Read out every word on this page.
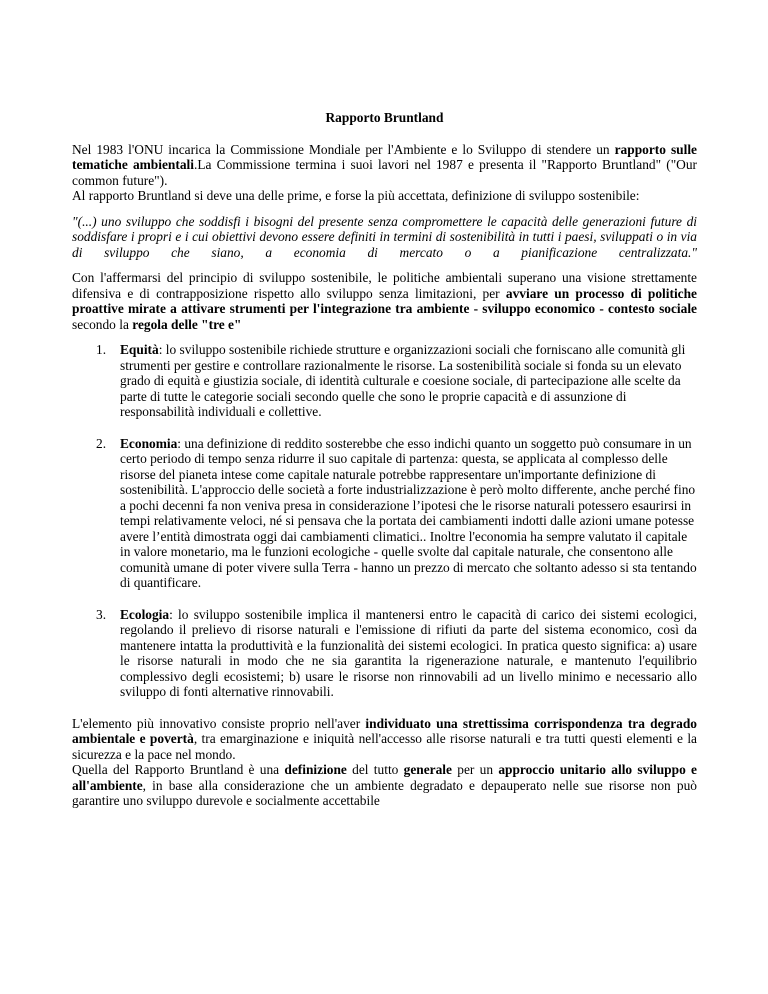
Rapporto Bruntland

Nel 1983 l'ONU incarica la Commissione Mondiale per l'Ambiente e lo Sviluppo di stendere un rapporto sulle tematiche ambientali.La Commissione termina i suoi lavori nel 1987 e presenta il "Rapporto Bruntland" ("Our common future").

Al rapporto Bruntland si deve una delle prime, e forse la più accettata, definizione di sviluppo sostenibile:

"(...) uno sviluppo che soddisfi i bisogni del presente senza compromettere le capacità delle generazioni future di soddisfare i propri e i cui obiettivi devono essere definiti in termini di sostenibilità in tutti i paesi, sviluppati o in via di sviluppo che siano, a economia di mercato o a pianificazione centralizzata."

Con l'affermarsi del principio di sviluppo sostenibile, le politiche ambientali superano una visione strettamente difensiva e di contrapposizione rispetto allo sviluppo senza limitazioni, per avviare un processo di politiche proattive mirate a attivare strumenti per l'integrazione tra ambiente - sviluppo economico - contesto sociale secondo la regola delle "tre e"

1. Equità: lo sviluppo sostenibile richiede strutture e organizzazioni sociali che forniscano alle comunità gli strumenti per gestire e controllare razionalmente le risorse. La sostenibilità sociale si fonda su un elevato grado di equità e giustizia sociale, di identità culturale e coesione sociale, di partecipazione alle scelte da parte di tutte le categorie sociali secondo quelle che sono le proprie capacità e di assunzione di responsabilità individuali e collettive.
2. Economia: una definizione di reddito sosterebbe che esso indichi quanto un soggetto può consumare in un certo periodo di tempo senza ridurre il suo capitale di partenza: questa, se applicata al complesso delle risorse del pianeta intese come capitale naturale potrebbe rappresentare un'importante definizione di sostenibilità. L'approccio delle società a forte industrializzazione è però molto differente, anche perché fino a pochi decenni fa non veniva presa in considerazione l’ipotesi che le risorse naturali potessero esaurirsi in tempi relativamente veloci, né si pensava che la portata dei cambiamenti indotti dalle azioni umane potesse avere l’entità dimostrata oggi dai cambiamenti climatici.. Inoltre l'economia ha sempre valutato il capitale in valore monetario, ma le funzioni ecologiche - quelle svolte dal capitale naturale, che consentono alle comunità umane di poter vivere sulla Terra - hanno un prezzo di mercato che soltanto adesso si sta tentando di quantificare.
3. Ecologia: lo sviluppo sostenibile implica il mantenersi entro le capacità di carico dei sistemi ecologici, regolando il prelievo di risorse naturali e l'emissione di rifiuti da parte del sistema economico, così da mantenere intatta la produttività e la funzionalità dei sistemi ecologici. In pratica questo significa: a) usare le risorse naturali in modo che ne sia garantita la rigenerazione naturale, e mantenuto l'equilibrio complessivo degli ecosistemi; b) usare le risorse non rinnovabili ad un livello minimo e necessario allo sviluppo di fonti alternative rinnovabili.

L'elemento più innovativo consiste proprio nell'aver individuato una strettissima corrispondenza tra degrado ambientale e povertà, tra emarginazione e iniquità nell'accesso alle risorse naturali e tra tutti questi elementi e la sicurezza e la pace nel mondo.

Quella del Rapporto Bruntland è una definizione del tutto generale per un approccio unitario allo sviluppo e all'ambiente, in base alla considerazione che un ambiente degradato e depauperato nelle sue risorse non può garantire uno sviluppo durevole e socialmente accettabile
